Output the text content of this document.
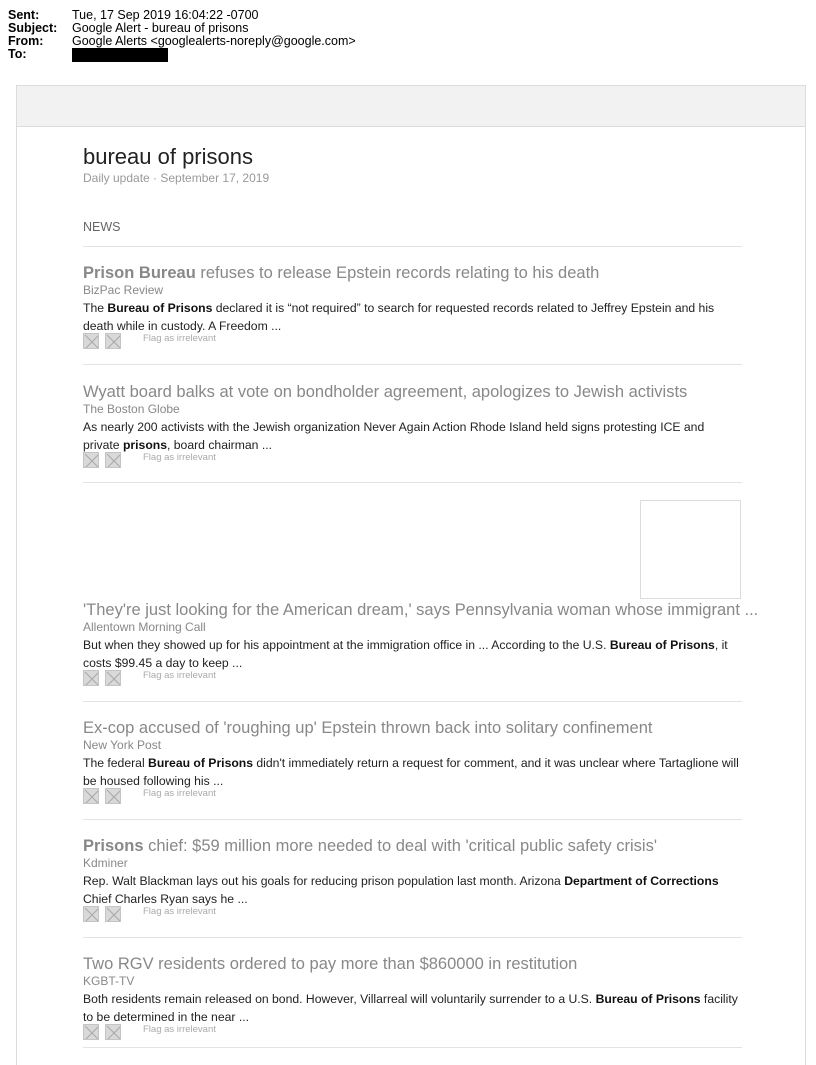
Sent:	Tue, 17 Sep 2019 16:04:22 -0700
Subject:	Google Alert - bureau of prisons
From:	Google Alerts <googlealerts-noreply@google.com>
To:
bureau of prisons
Daily update · September 17, 2019
NEWS
Prison Bureau refuses to release Epstein records relating to his death
BizPac Review
The Bureau of Prisons declared it is “not required” to search for requested records related to Jeffrey Epstein and his death while in custody. A Freedom ...
Flag as irrelevant
Wyatt board balks at vote on bondholder agreement, apologizes to Jewish activists
The Boston Globe
As nearly 200 activists with the Jewish organization Never Again Action Rhode Island held signs protesting ICE and private prisons, board chairman ...
Flag as irrelevant
'They're just looking for the American dream,' says Pennsylvania woman whose immigrant ...
Allentown Morning Call
But when they showed up for his appointment at the immigration office in ... According to the U.S. Bureau of Prisons, it costs $99.45 a day to keep ...
Flag as irrelevant
Ex-cop accused of 'roughing up' Epstein thrown back into solitary confinement
New York Post
The federal Bureau of Prisons didn't immediately return a request for comment, and it was unclear where Tartaglione will be housed following his ...
Flag as irrelevant
Prisons chief: $59 million more needed to deal with 'critical public safety crisis'
Kdminer
Rep. Walt Blackman lays out his goals for reducing prison population last month. Arizona Department of Corrections Chief Charles Ryan says he ...
Flag as irrelevant
Two RGV residents ordered to pay more than $860000 in restitution
KGBT-TV
Both residents remain released on bond. However, Villarreal will voluntarily surrender to a U.S. Bureau of Prisons facility to be determined in the near ...
Flag as irrelevant
